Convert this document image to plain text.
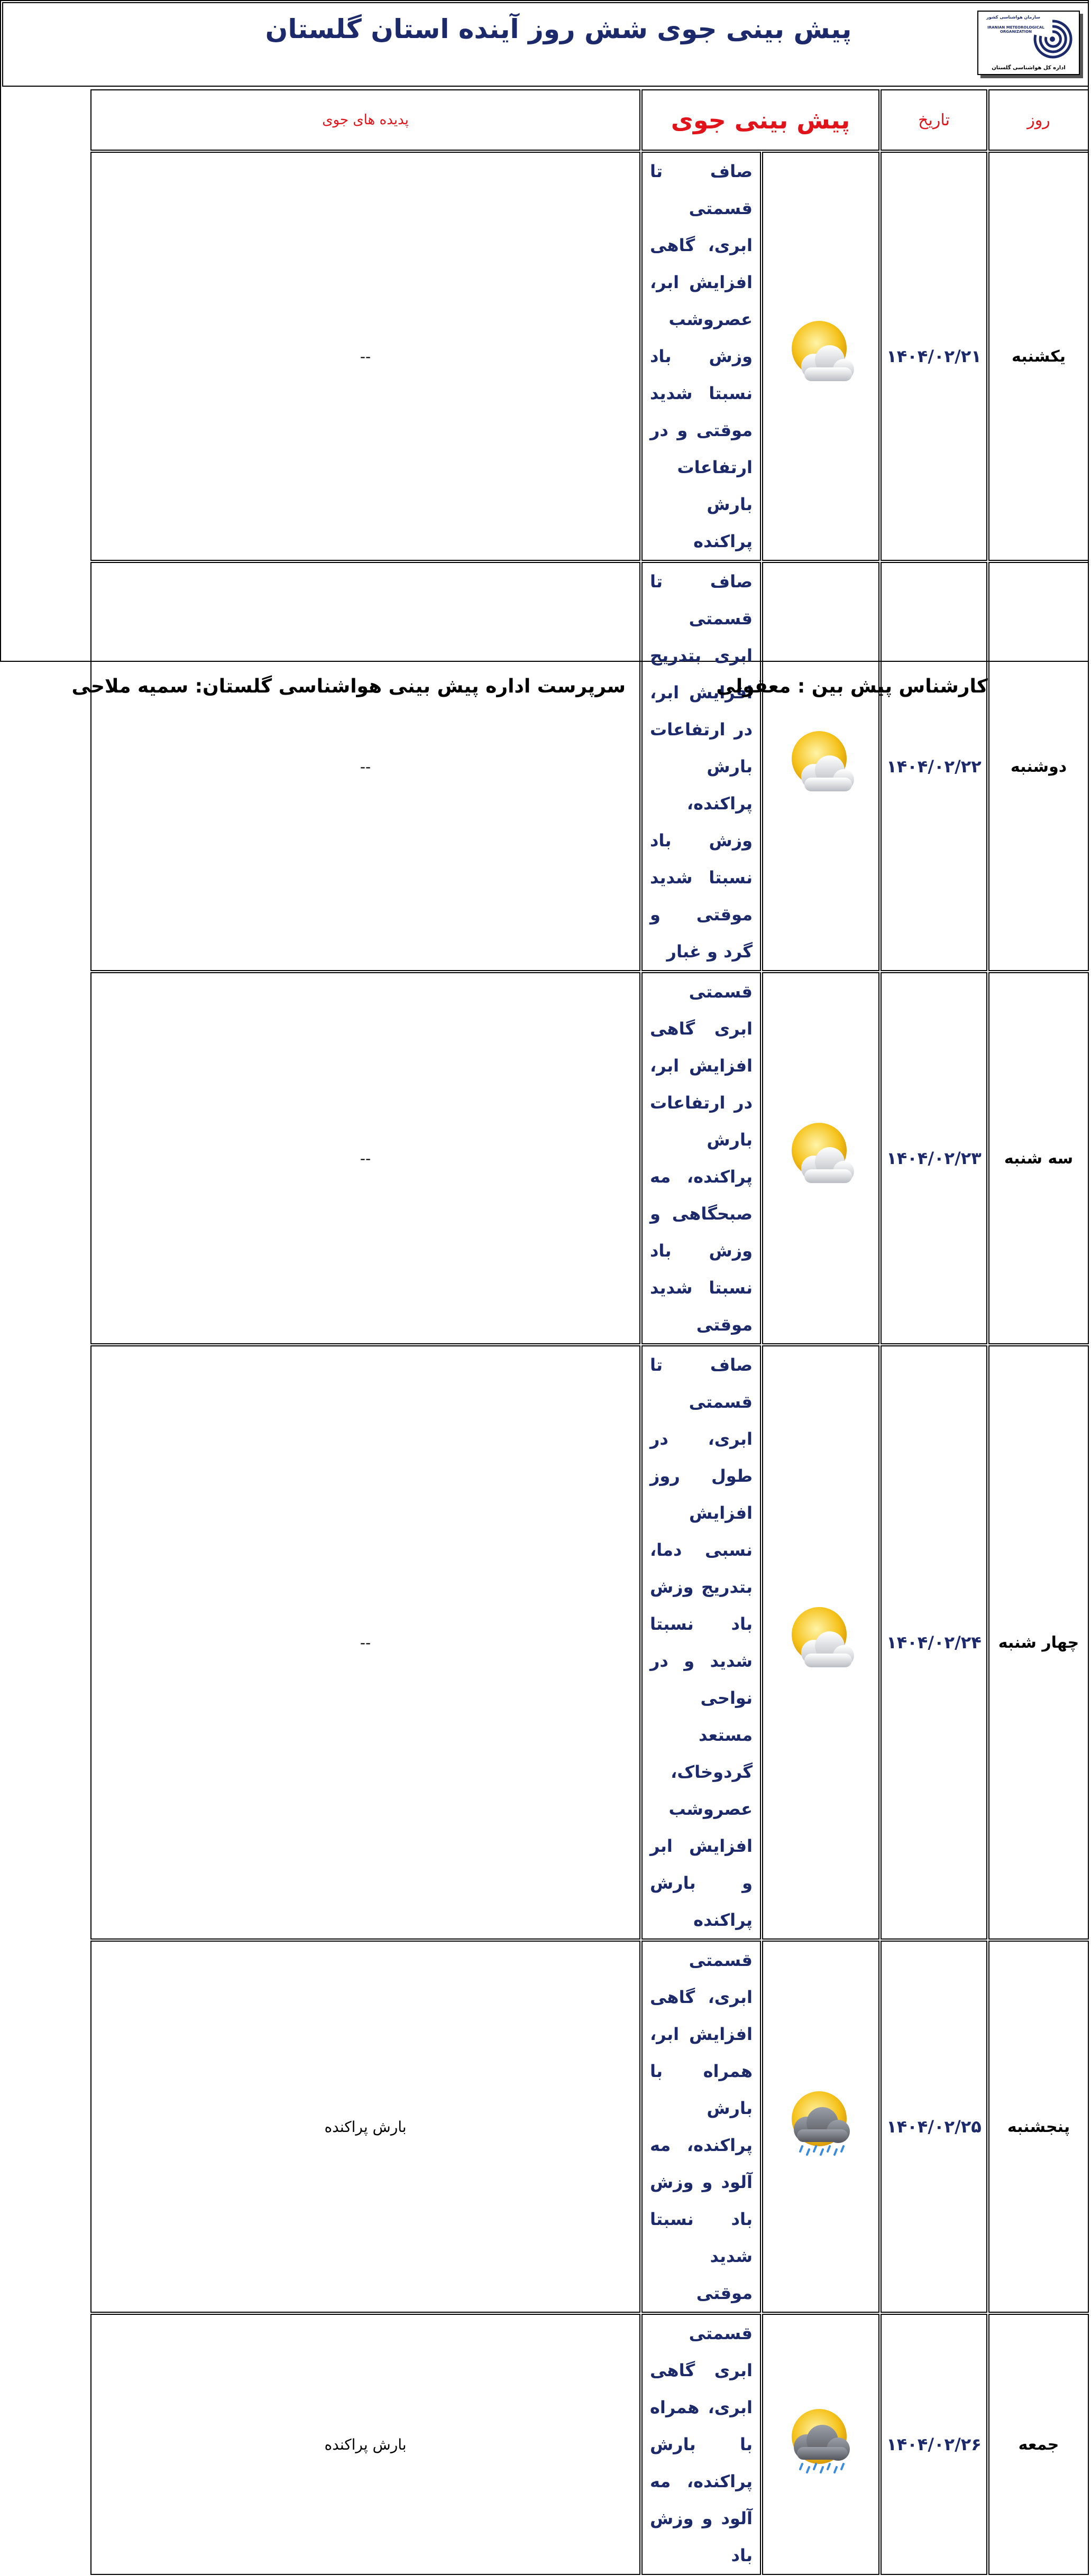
پیش بینی جوی شش روز آینده استان گلستان	سازمان هواشناسی کشور
IRANIAN METEOROLOGICAL ORGANIZATION
اداره کل هواشناسی گلستان
روز	تاریخ	پیش بینی جوی		پدیده های جوی
یکشنبه	۱۴۰۴/۰۲/۲۱		صاف تا قسمتی ابری، گاهی افزایش ابر، عصروشب وزش باد نسبتا شدید موقتی و در ارتفاعات بارش پراکنده	--
دوشنبه	۱۴۰۴/۰۲/۲۲		صاف تا قسمتی ابری بتدریج افزایش ابر، در ارتفاعات بارش پراکنده، وزش باد نسبتا شدید موقتی و گرد و غبار	--
سه شنبه	۱۴۰۴/۰۲/۲۳		قسمتی ابری گاهی افزایش ابر، در ارتفاعات بارش پراکنده، مه صبحگاهی و وزش باد نسبتا شدید موقتی	--
چهار شنبه	۱۴۰۴/۰۲/۲۴		صاف تا قسمتی ابری، در طول روز افزایش نسبی دما، بتدریج وزش باد نسبتا شدید و در نواحی مستعد گردوخاک، عصروشب افزایش ابر و بارش پراکنده	--
پنجشنبه	۱۴۰۴/۰۲/۲۵		قسمتی ابری، گاهی افزایش ابر، همراه با بارش پراکنده، مه آلود و وزش باد نسبتا شدید موقتی	بارش پراکنده
جمعه	۱۴۰۴/۰۲/۲۶		قسمتی ابری گاهی ابری، همراه با بارش پراکنده، مه آلود و وزش باد	بارش پراکنده
کارشناس پیش بین : معقولی
سرپرست اداره پیش بینی هواشناسی گلستان: سمیه ملاحی
